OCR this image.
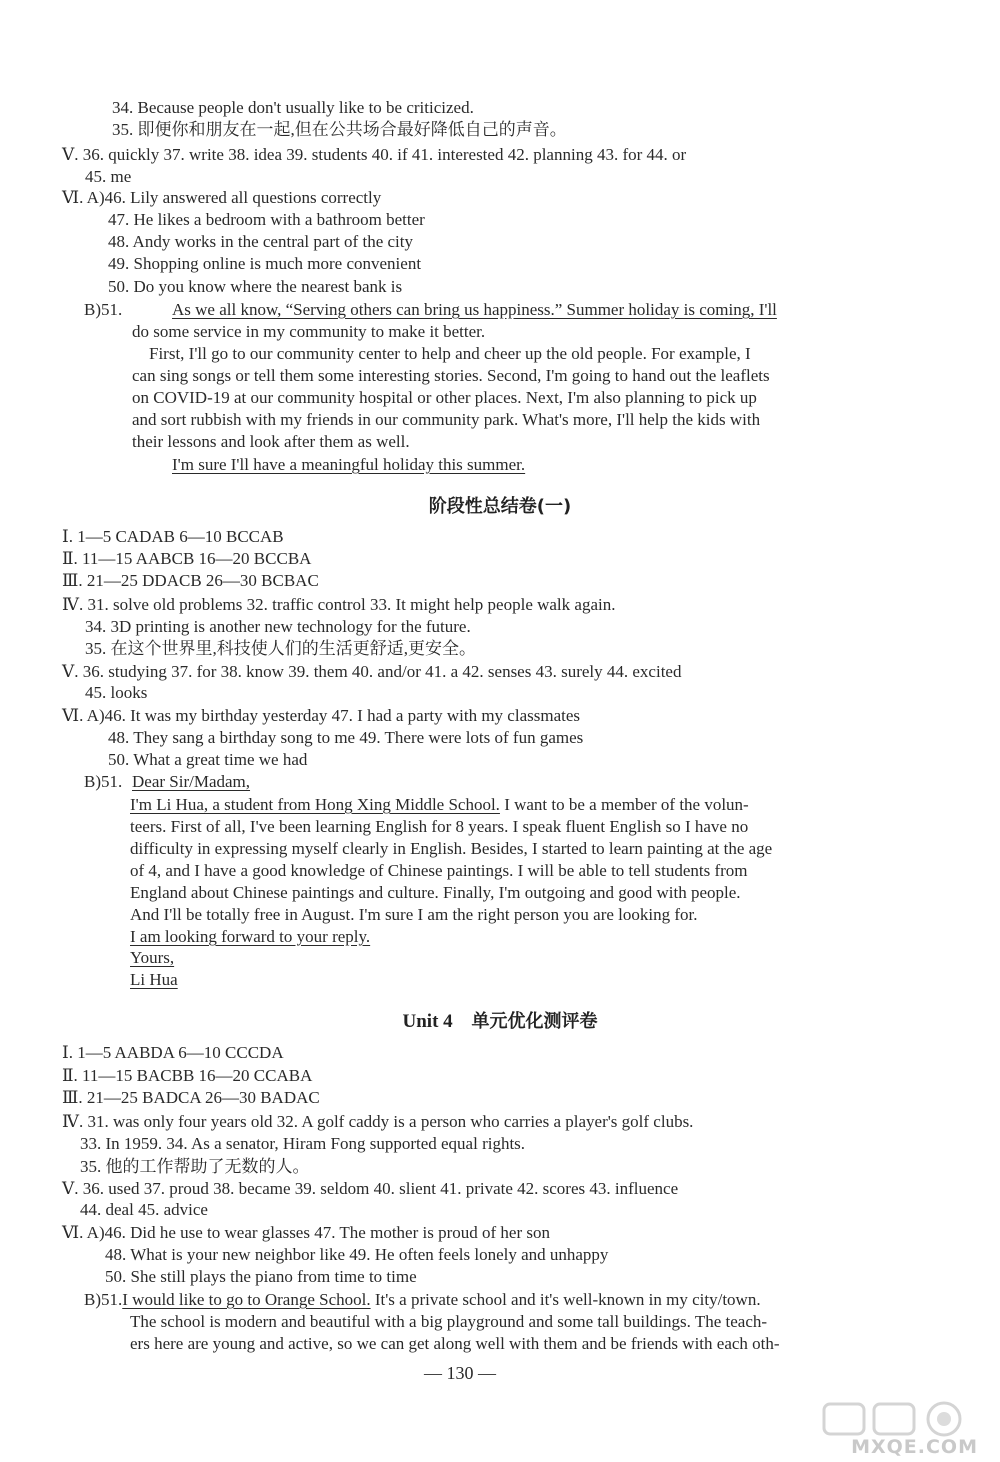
34. Because people don't usually like to be criticized.
35. 即便你和朋友在一起,但在公共场合最好降低自己的声音。
Ⅴ. 36. quickly 37. write 38. idea 39. students 40. if 41. interested 42. planning 43. for 44. or
45. me
Ⅵ. A)46. Lily answered all questions correctly
47. He likes a bedroom with a bathroom better
48. Andy works in the central part of the city
49. Shopping online is much more convenient
50. Do you know where the nearest bank is
B)51.	As we all know, “Serving others can bring us happiness.” Summer holiday is coming, I'll
do some service in my community to make it better.
First, I'll go to our community center to help and cheer up the old people. For example, I
can sing songs or tell them some interesting stories. Second, I'm going to hand out the leaflets
on COVID-19 at our community hospital or other places. Next, I'm also planning to pick up
and sort rubbish with my friends in our community park. What's more, I'll help the kids with
their lessons and look after them as well.
I'm sure I'll have a meaningful holiday this summer.
阶段性总结卷(一)
Ⅰ. 1—5 CADAB 6—10 BCCAB
Ⅱ. 11—15 AABCB 16—20 BCCBA
Ⅲ. 21—25 DDACB 26—30 BCBAC
Ⅳ. 31. solve old problems 32. traffic control 33. It might help people walk again.
34. 3D printing is another new technology for the future.
35. 在这个世界里,科技使人们的生活更舒适,更安全。
Ⅴ. 36. studying 37. for 38. know 39. them 40. and/or 41. a 42. senses 43. surely 44. excited
45. looks
Ⅵ. A)46. It was my birthday yesterday 47. I had a party with my classmates
48. They sang a birthday song to me 49. There were lots of fun games
50. What a great time we had
B)51. Dear Sir/Madam,
I'm Li Hua, a student from Hong Xing Middle School. I want to be a member of the volun-
teers. First of all, I've been learning English for 8 years. I speak fluent English so I have no
difficulty in expressing myself clearly in English. Besides, I started to learn painting at the age
of 4, and I have a good knowledge of Chinese paintings. I will be able to tell students from
England about Chinese paintings and culture. Finally, I'm outgoing and good with people.
And I'll be totally free in August. I'm sure I am the right person you are looking for.
I am looking forward to your reply.
Yours,
Li Hua
Unit 4 单元优化测评卷
Ⅰ. 1—5 AABDA 6—10 CCCDA
Ⅱ. 11—15 BACBB 16—20 CCABA
Ⅲ. 21—25 BADCA 26—30 BADAC
Ⅳ. 31. was only four years old 32. A golf caddy is a person who carries a player's golf clubs.
33. In 1959. 34. As a senator, Hiram Fong supported equal rights.
35. 他的工作帮助了无数的人。
Ⅴ. 36. used 37. proud 38. became 39. seldom 40. slient 41. private 42. scores 43. influence
44. deal 45. advice
Ⅵ. A)46. Did he use to wear glasses 47. The mother is proud of her son
48. What is your new neighbor like 49. He often feels lonely and unhappy
50. She still plays the piano from time to time
B)51.I would like to go to Orange School. It's a private school and it's well-known in my city/town.
The school is modern and beautiful with a big playground and some tall buildings. The teach-
ers here are young and active, so we can get along well with them and be friends with each oth-
— 130 —
MXQE.COM
